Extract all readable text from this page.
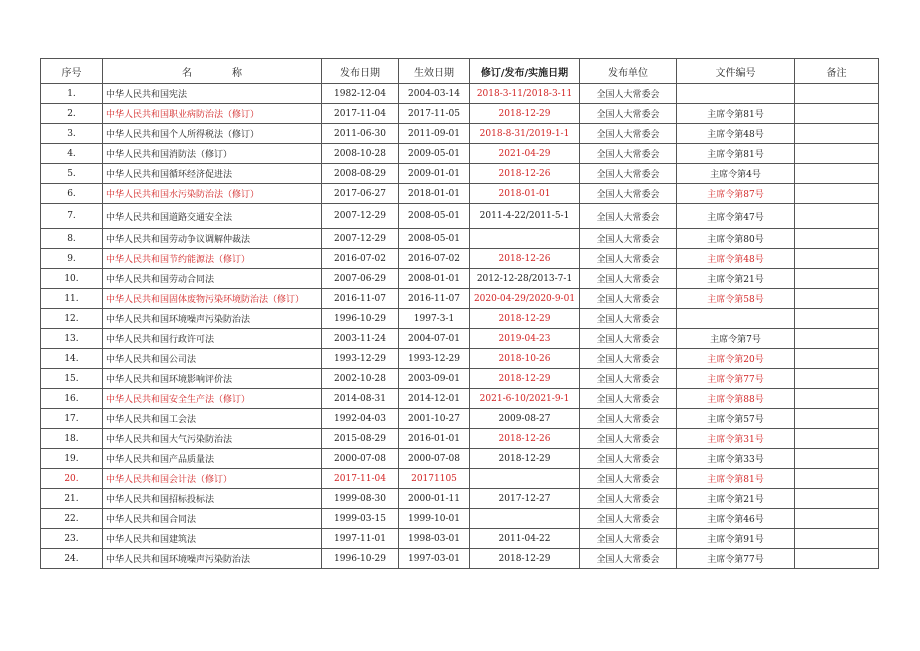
序号	名　　　　称	发布日期	生效日期	修订/发布/实施日期	发布单位	文件编号	备注
1.	中华人民共和国宪法	1982-12-04	2004-03-14	2018-3-11/2018-3-11	全国人大常委会		
2.	中华人民共和国职业病防治法（修订）	2017-11-04	2017-11-05	2018-12-29	全国人大常委会	主席令第81号	
3.	中华人民共和国个人所得税法（修订）	2011-06-30	2011-09-01	2018-8-31/2019-1-1	全国人大常委会	主席令第48号	
4.	中华人民共和国消防法（修订）	2008-10-28	2009-05-01	2021-04-29	全国人大常委会	主席令第81号	
5.	中华人民共和国循环经济促进法	2008-08-29	2009-01-01	2018-12-26	全国人大常委会	主席令第4号	
6.	中华人民共和国水污染防治法（修订）	2017-06-27	2018-01-01	2018-01-01	全国人大常委会	主席令第87号	
7.	中华人民共和国道路交通安全法	2007-12-29	2008-05-01	2011-4-22/2011-5-1	全国人大常委会	主席令第47号	
8.	中华人民共和国劳动争议调解仲裁法	2007-12-29	2008-05-01		全国人大常委会	主席令第80号	
9.	中华人民共和国节约能源法（修订）	2016-07-02	2016-07-02	2018-12-26	全国人大常委会	主席令第48号	
10.	中华人民共和国劳动合同法	2007-06-29	2008-01-01	2012-12-28/2013-7-1	全国人大常委会	主席令第21号	
11.	中华人民共和国固体废物污染环境防治法（修订）	2016-11-07	2016-11-07	2020-04-29/2020-9-01	全国人大常委会	主席令第58号	
12.	中华人民共和国环境噪声污染防治法	1996-10-29	1997-3-1	2018-12-29	全国人大常委会		
13.	中华人民共和国行政许可法	2003-11-24	2004-07-01	2019-04-23	全国人大常委会	主席令第7号	
14.	中华人民共和国公司法	1993-12-29	1993-12-29	2018-10-26	全国人大常委会	主席令第20号	
15.	中华人民共和国环境影响评价法	2002-10-28	2003-09-01	2018-12-29	全国人大常委会	主席令第77号	
16.	中华人民共和国安全生产法（修订）	2014-08-31	2014-12-01	2021-6-10/2021-9-1	全国人大常委会	主席令第88号	
17.	中华人民共和国工会法	1992-04-03	2001-10-27	2009-08-27	全国人大常委会	主席令第57号	
18.	中华人民共和国大气污染防治法	2015-08-29	2016-01-01	2018-12-26	全国人大常委会	主席令第31号	
19.	中华人民共和国产品质量法	2000-07-08	2000-07-08	2018-12-29	全国人大常委会	主席令第33号	
20.	中华人民共和国会计法（修订）	2017-11-04	20171105		全国人大常委会	主席令第81号	
21.	中华人民共和国招标投标法	1999-08-30	2000-01-11	2017-12-27	全国人大常委会	主席令第21号	
22.	中华人民共和国合同法	1999-03-15	1999-10-01		全国人大常委会	主席令第46号	
23.	中华人民共和国建筑法	1997-11-01	1998-03-01	2011-04-22	全国人大常委会	主席令第91号	
24.	中华人民共和国环境噪声污染防治法	1996-10-29	1997-03-01	2018-12-29	全国人大常委会	主席令第77号	
